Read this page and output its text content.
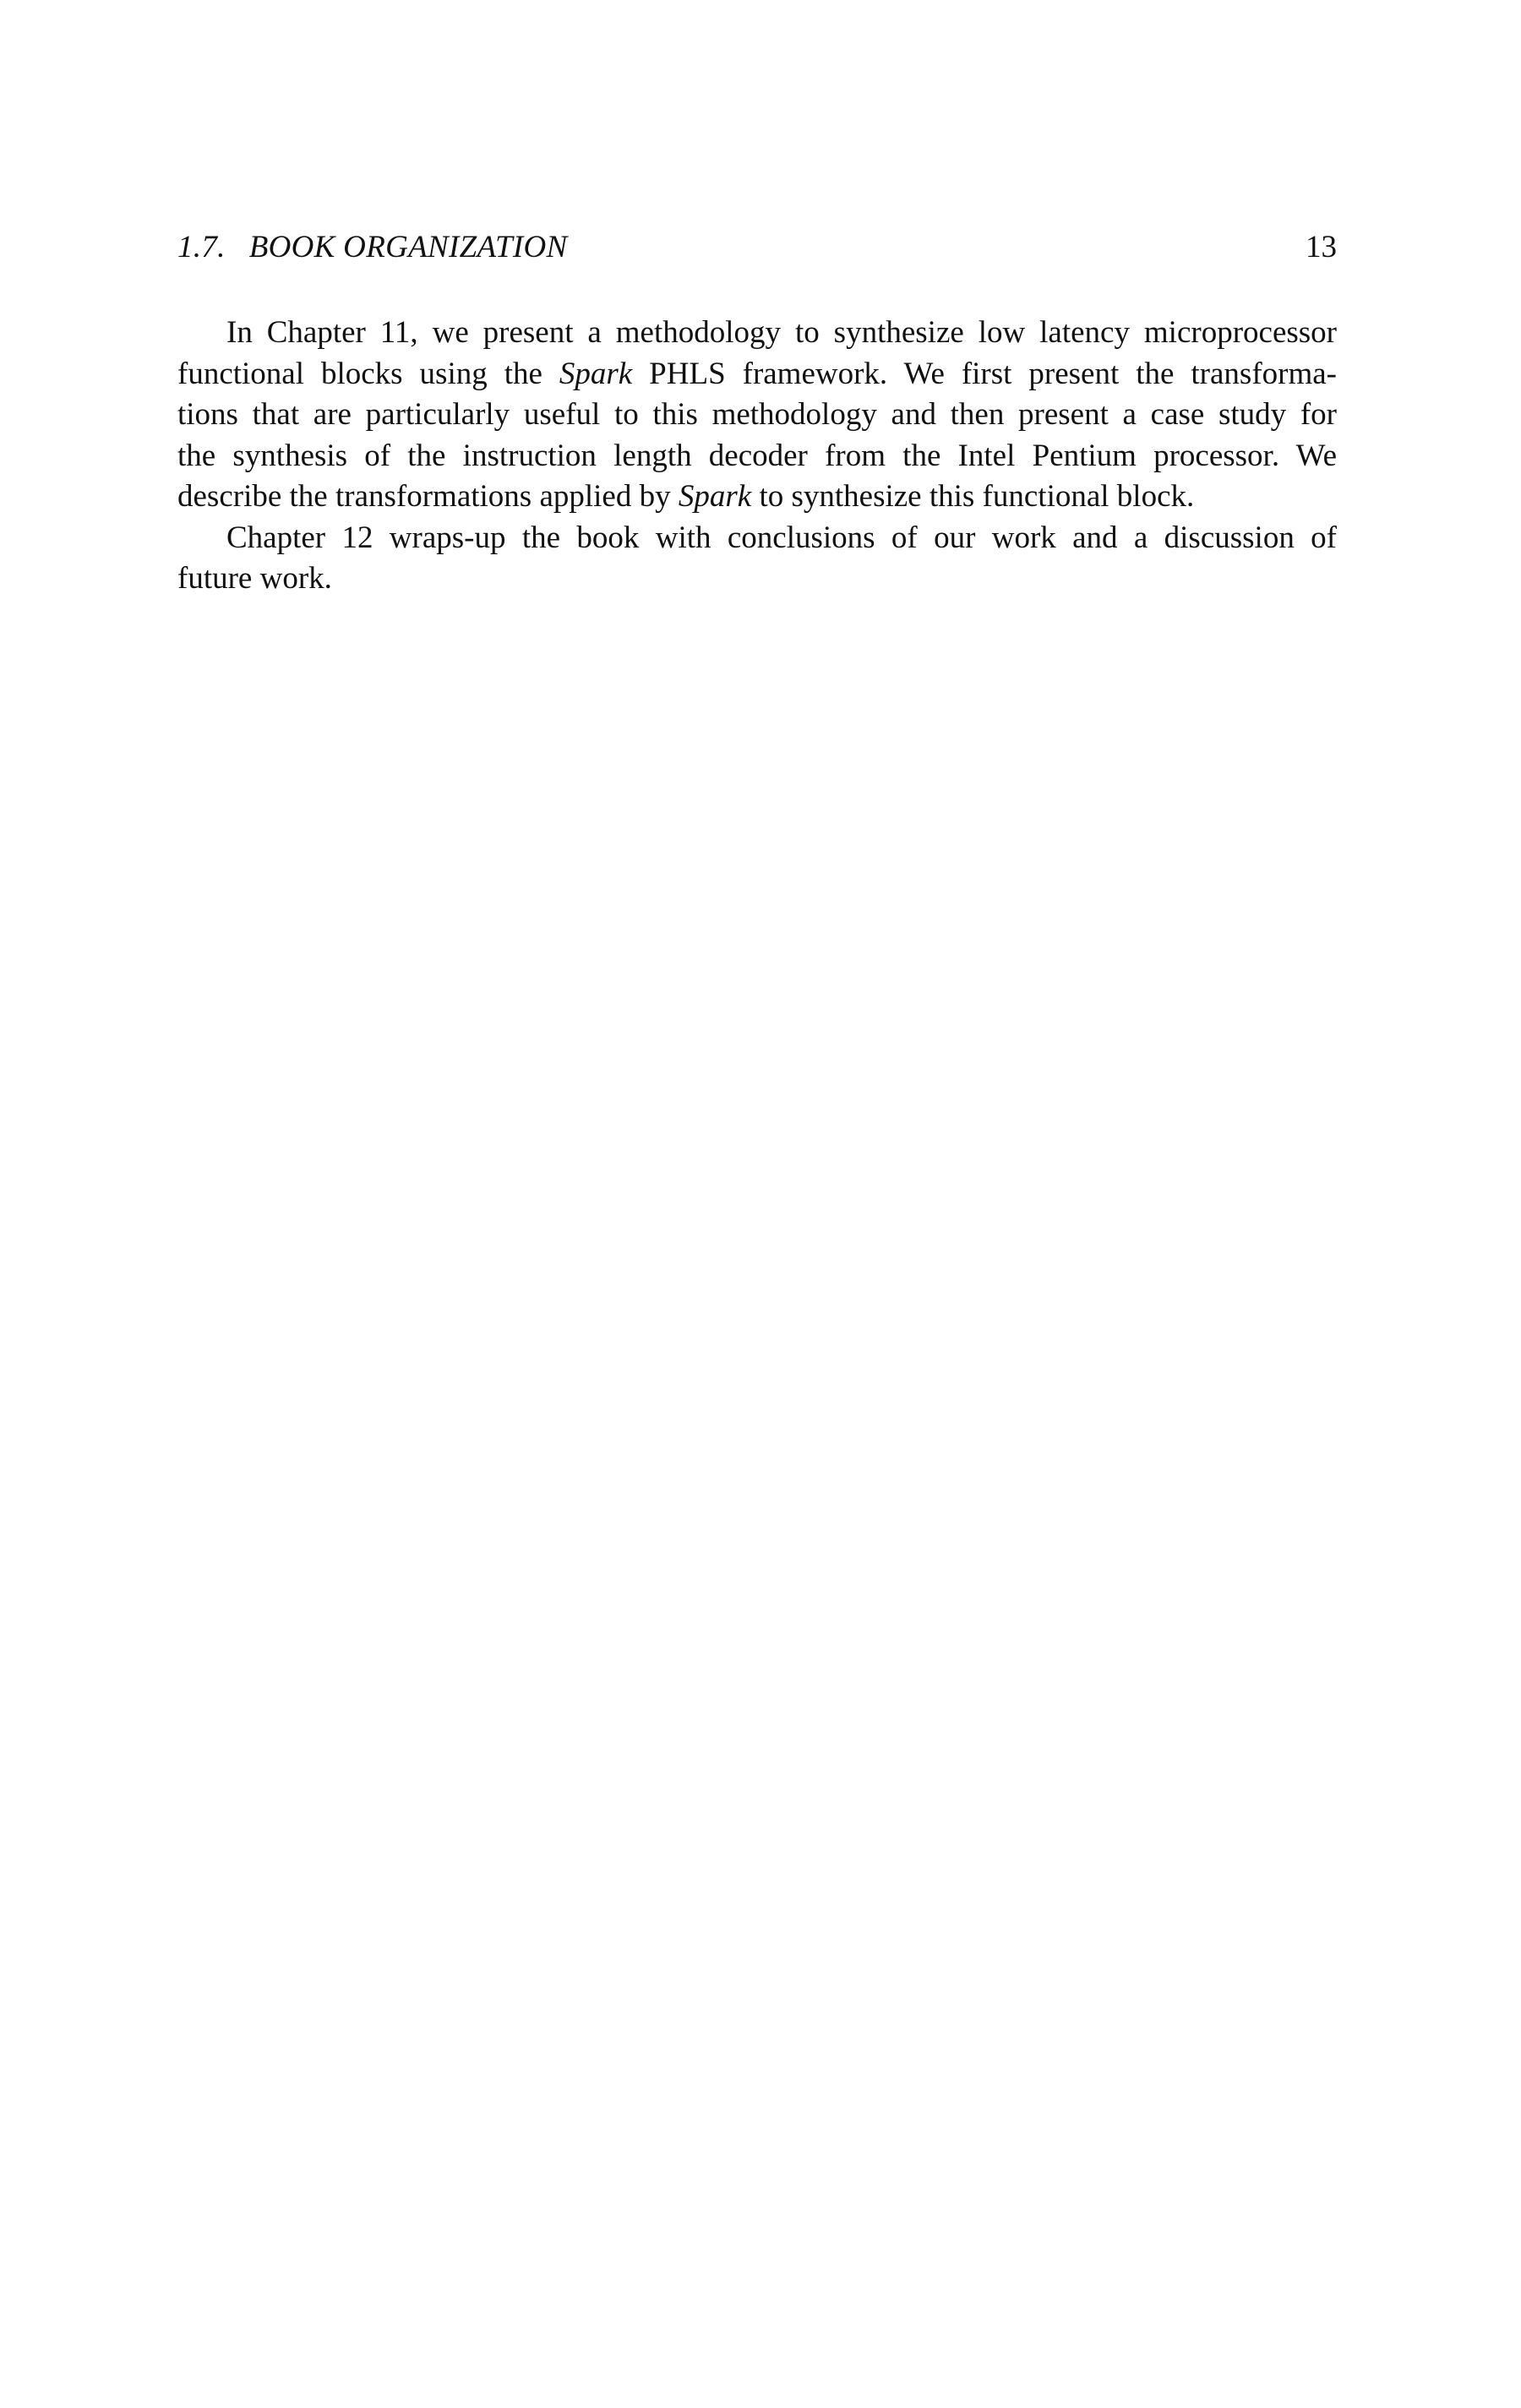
1.7. BOOK ORGANIZATION	13
In Chapter 11, we present a methodology to synthesize low latency microprocessor
functional blocks using the Spark PHLS framework. We first present the transforma-
tions that are particularly useful to this methodology and then present a case study for
the synthesis of the instruction length decoder from the Intel Pentium processor. We
describe the transformations applied by Spark to synthesize this functional block.
Chapter 12 wraps-up the book with conclusions of our work and a discussion of
future work.
